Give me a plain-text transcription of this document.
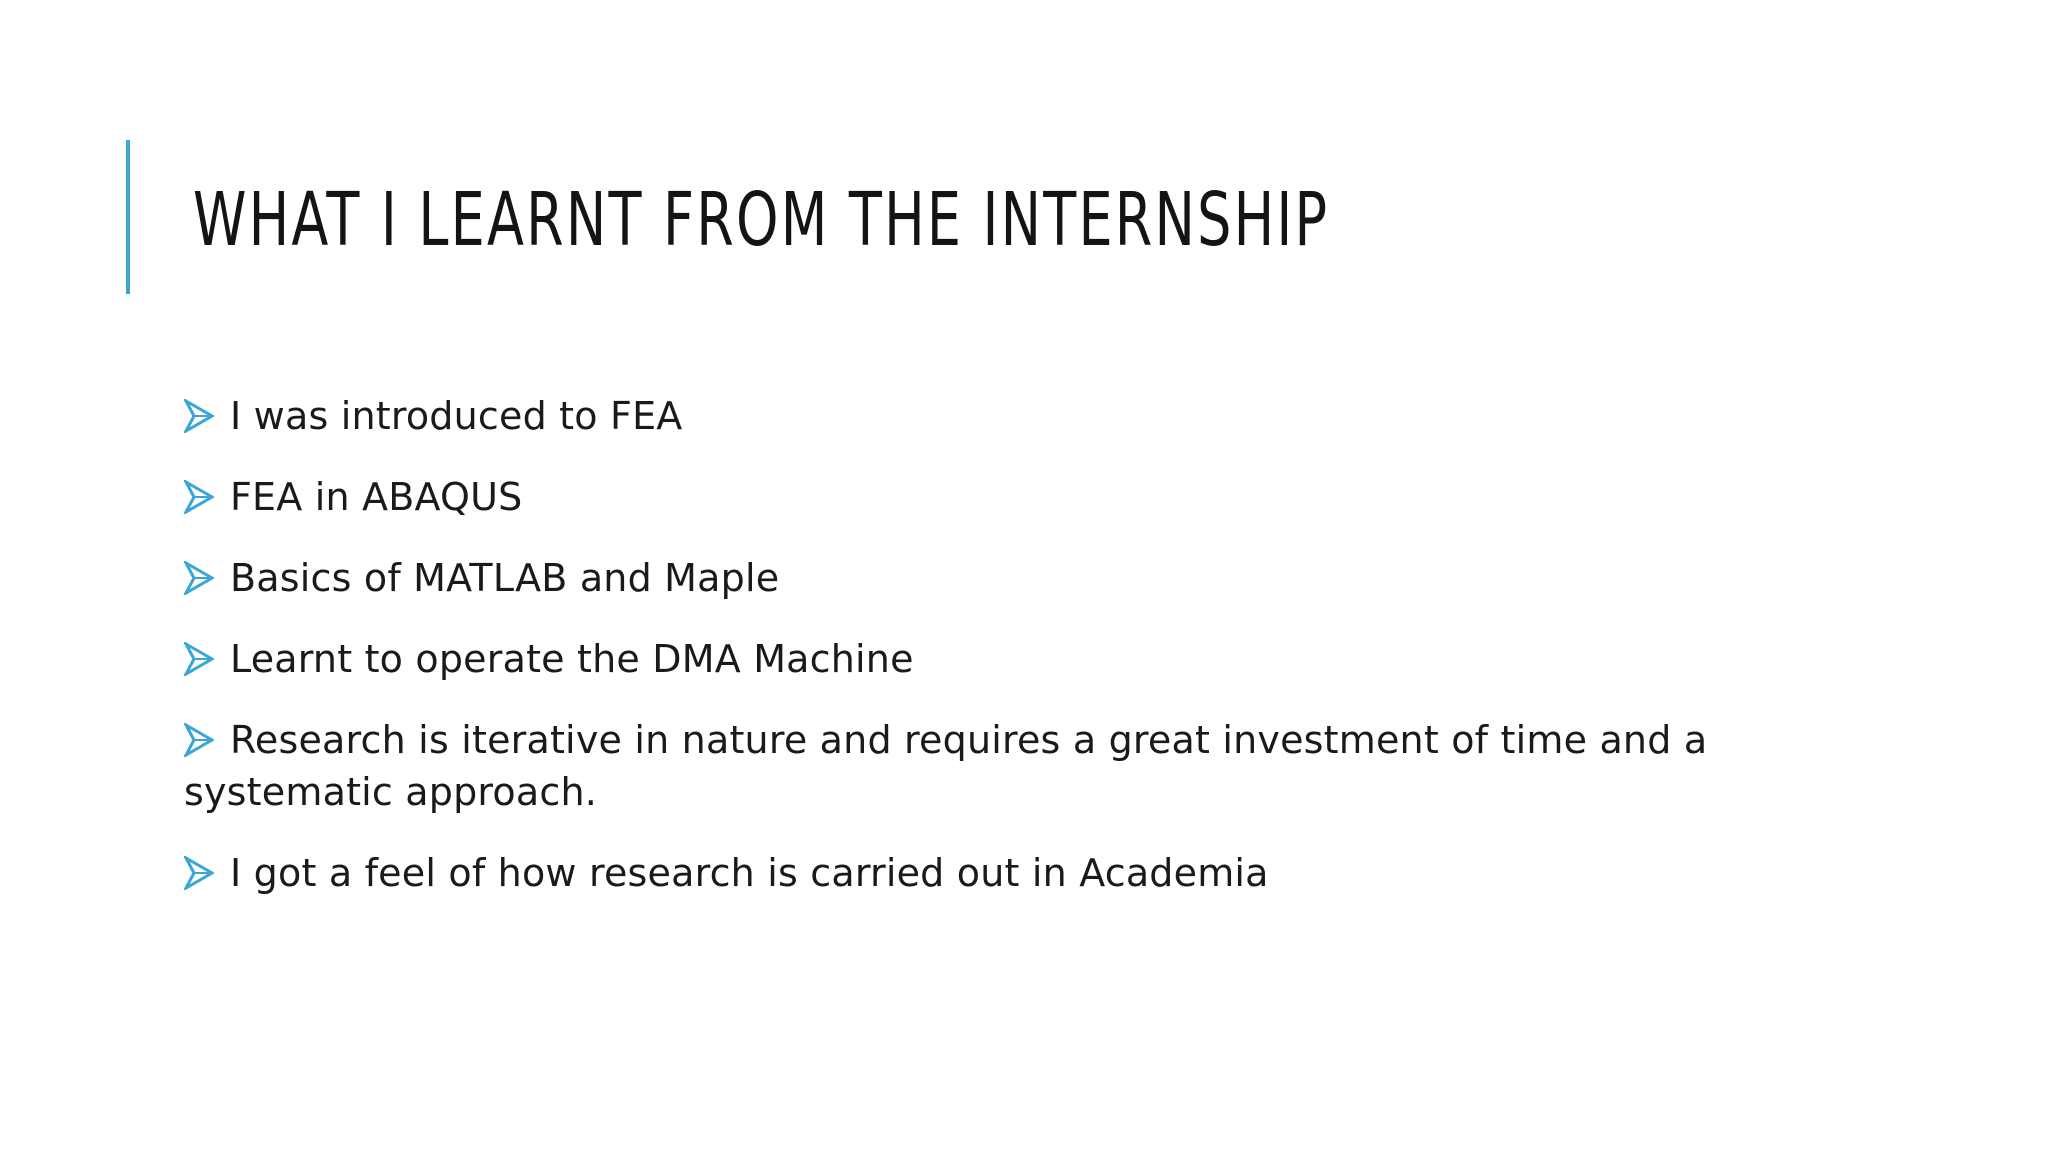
WHAT I LEARNT FROM THE INTERNSHIP
I was introduced to FEA
FEA in ABAQUS
Basics of MATLAB and Maple
Learnt to operate the DMA Machine
Research is iterative in nature and requires a great investment of time and a systematic approach.
I got a feel of how research is carried out in Academia
